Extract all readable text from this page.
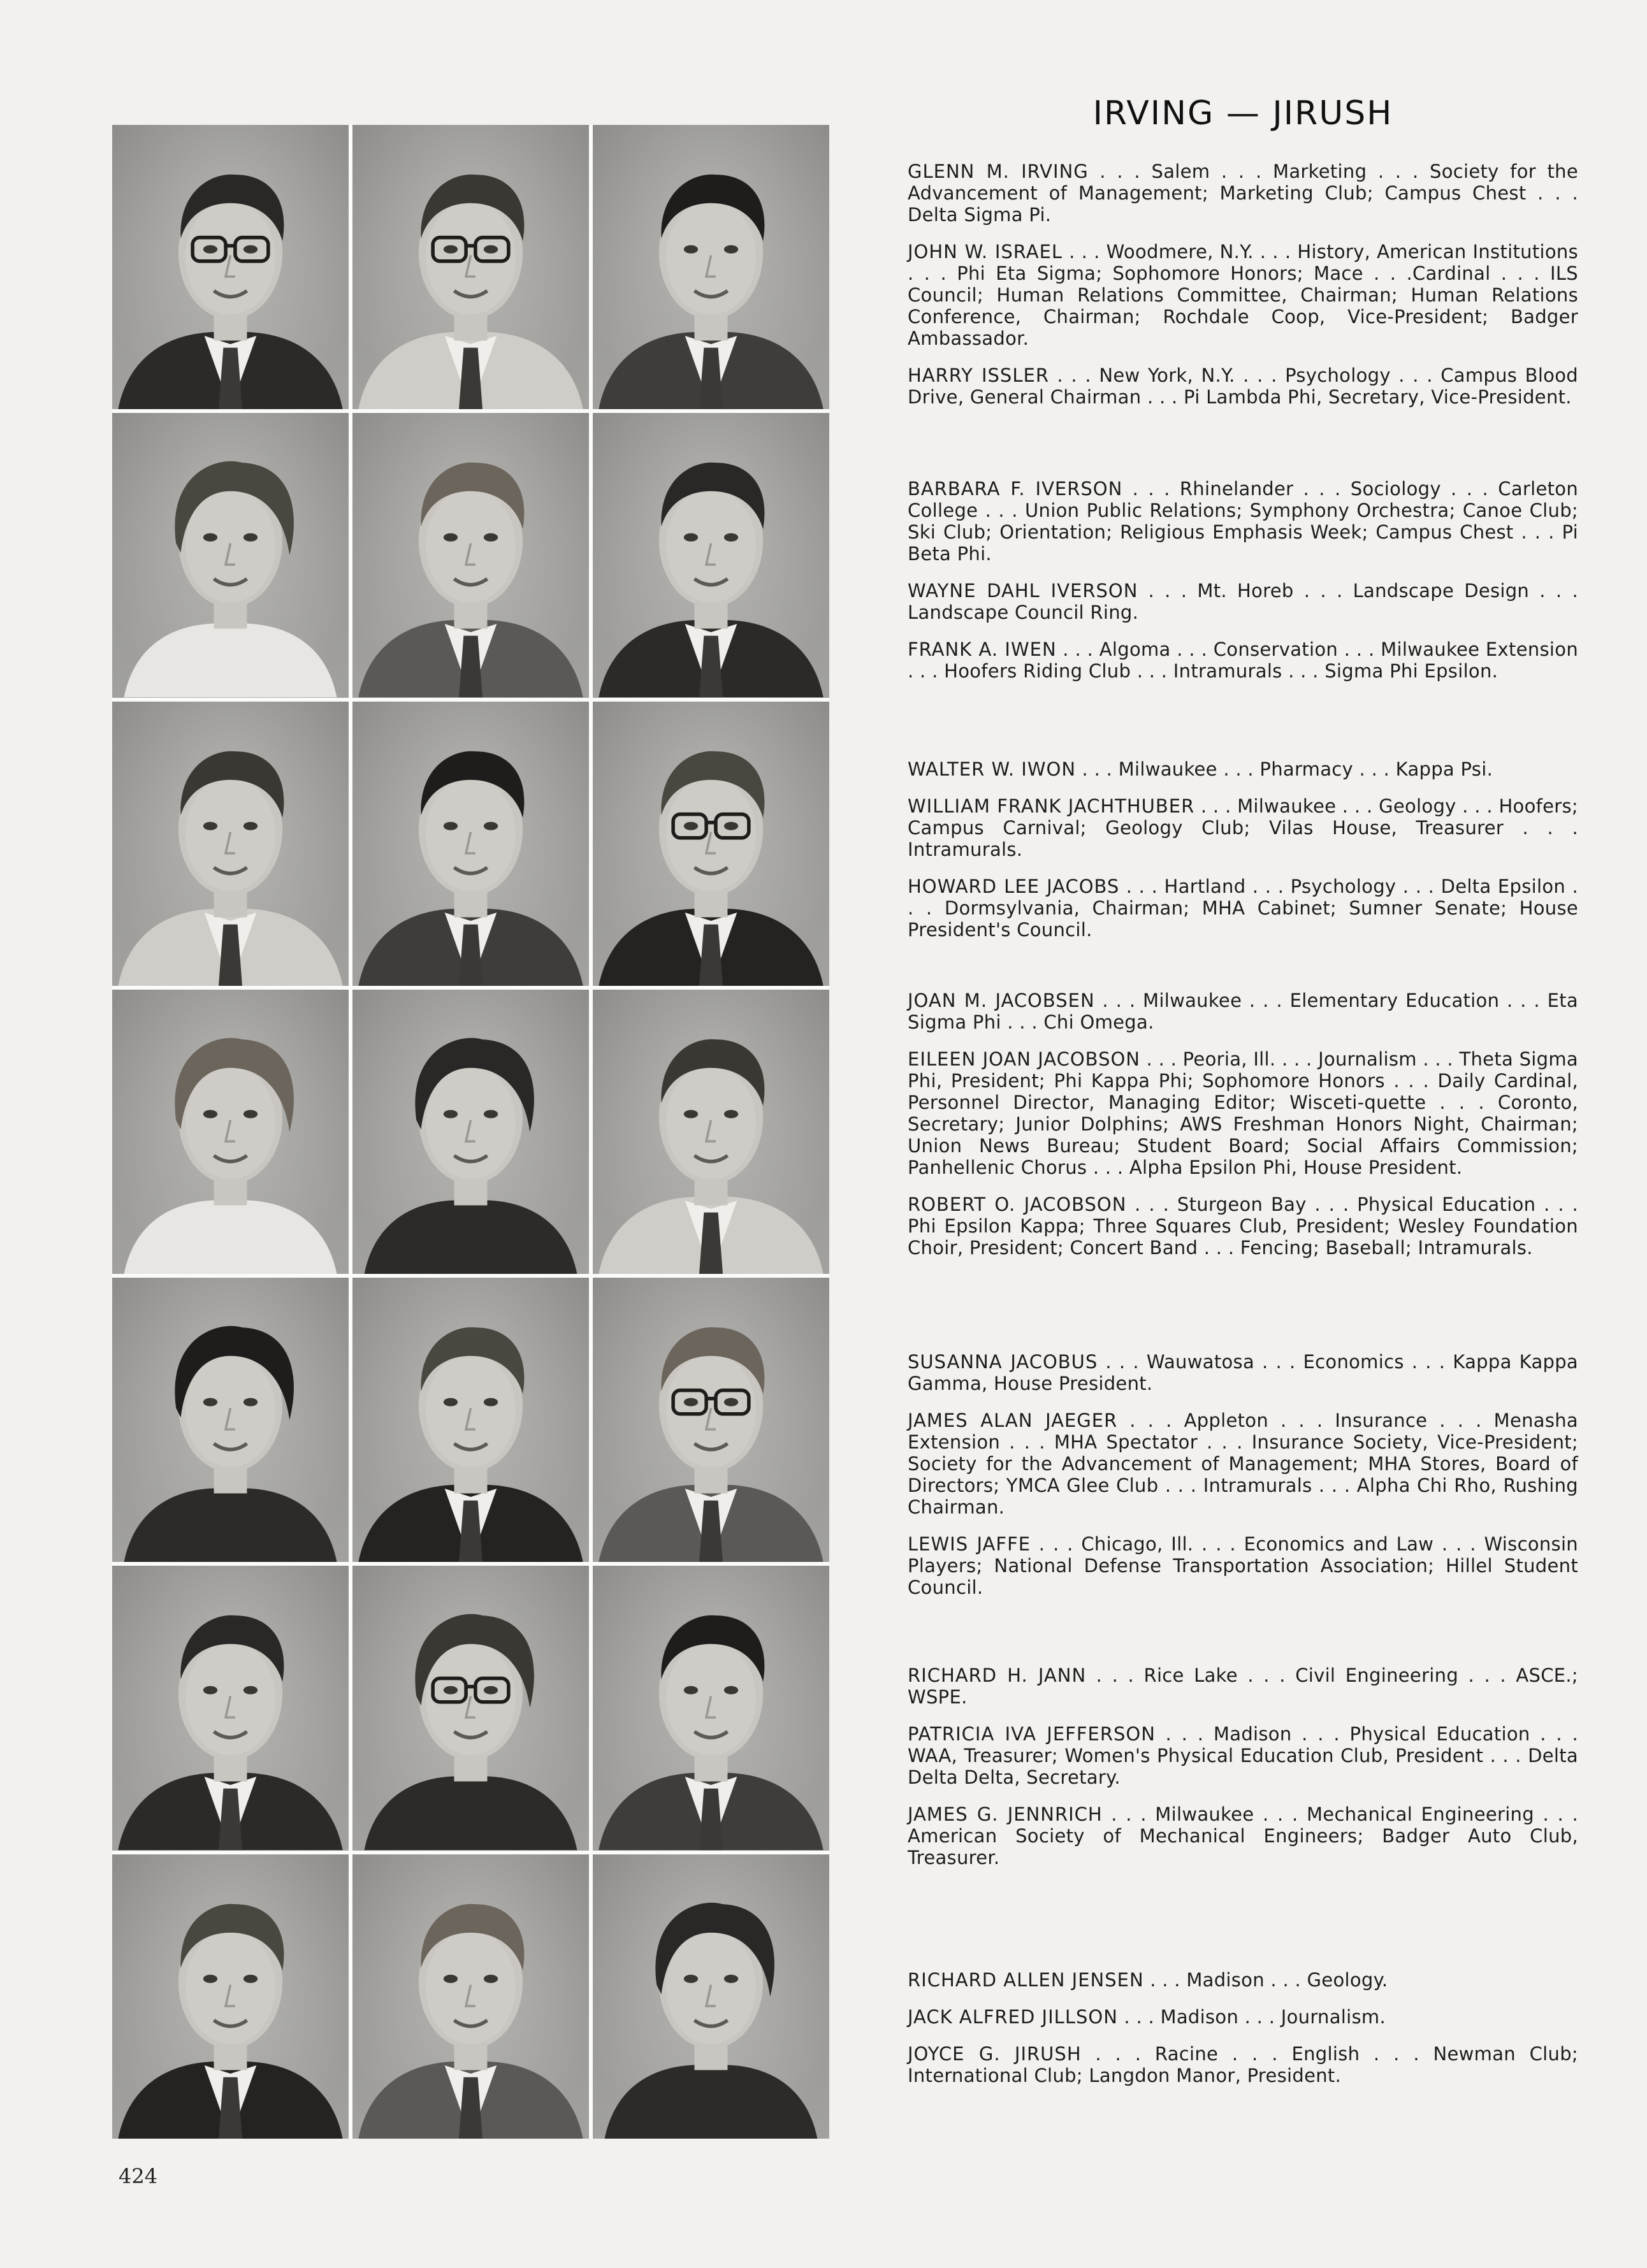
IRVING — JIRUSH

GLENN M. IRVING . . . Salem . . . Marketing . . . Society for the Advancement of Management; Marketing Club; Campus Chest . . . Delta Sigma Pi.

JOHN W. ISRAEL . . . Woodmere, N.Y. . . . History, American Institutions . . . Phi Eta Sigma; Sophomore Honors; Mace . . .Cardinal . . . ILS Council; Human Relations Committee, Chairman; Human Relations Conference, Chairman; Rochdale Coop, Vice-President; Badger Ambassador.

HARRY ISSLER . . . New York, N.Y. . . . Psychology . . . Campus Blood Drive, General Chairman . . . Pi Lambda Phi, Secretary, Vice-President.

BARBARA F. IVERSON . . . Rhinelander . . . Sociology . . . Carleton College . . . Union Public Relations; Symphony Orchestra; Canoe Club; Ski Club; Orientation; Religious Emphasis Week; Campus Chest . . . Pi Beta Phi.

WAYNE DAHL IVERSON . . . Mt. Horeb . . . Landscape Design . . . Landscape Council Ring.

FRANK A. IWEN . . . Algoma . . . Conservation . . . Milwaukee Extension . . . Hoofers Riding Club . . . Intramurals . . . Sigma Phi Epsilon.

WALTER W. IWON . . . Milwaukee . . . Pharmacy . . . Kappa Psi.

WILLIAM FRANK JACHTHUBER . . . Milwaukee . . . Geology . . . Hoofers; Campus Carnival; Geology Club; Vilas House, Treasurer . . . Intramurals.

HOWARD LEE JACOBS . . . Hartland . . . Psychology . . . Delta Epsilon . . . Dormsylvania, Chairman; MHA Cabinet; Sumner Senate; House President's Council.

JOAN M. JACOBSEN . . . Milwaukee . . . Elementary Education . . . Eta Sigma Phi . . . Chi Omega.

EILEEN JOAN JACOBSON . . . Peoria, Ill. . . . Journalism . . . Theta Sigma Phi, President; Phi Kappa Phi; Sophomore Honors . . . Daily Cardinal, Personnel Director, Managing Editor; Wisceti-quette . . . Coronto, Secretary; Junior Dolphins; AWS Freshman Honors Night, Chairman; Union News Bureau; Student Board; Social Affairs Commission; Panhellenic Chorus . . . Alpha Epsilon Phi, House President.

ROBERT O. JACOBSON . . . Sturgeon Bay . . . Physical Education . . . Phi Epsilon Kappa; Three Squares Club, President; Wesley Foundation Choir, President; Concert Band . . . Fencing; Baseball; Intramurals.

SUSANNA JACOBUS . . . Wauwatosa . . . Economics . . . Kappa Kappa Gamma, House President.

JAMES ALAN JAEGER . . . Appleton . . . Insurance . . . Menasha Extension . . . MHA Spectator . . . Insurance Society, Vice-President; Society for the Advancement of Management; MHA Stores, Board of Directors; YMCA Glee Club . . . Intramurals . . . Alpha Chi Rho, Rushing Chairman.

LEWIS JAFFE . . . Chicago, Ill. . . . Economics and Law . . . Wisconsin Players; National Defense Transportation Association; Hillel Student Council.

RICHARD H. JANN . . . Rice Lake . . . Civil Engineering . . . ASCE.; WSPE.

PATRICIA IVA JEFFERSON . . . Madison . . . Physical Education . . . WAA, Treasurer; Women's Physical Education Club, President . . . Delta Delta Delta, Secretary.

JAMES G. JENNRICH . . . Milwaukee . . . Mechanical Engineering . . . American Society of Mechanical Engineers; Badger Auto Club, Treasurer.

RICHARD ALLEN JENSEN . . . Madison . . . Geology.

JACK ALFRED JILLSON . . . Madison . . . Journalism.

JOYCE G. JIRUSH . . . Racine . . . English . . . Newman Club; International Club; Langdon Manor, President.

424
